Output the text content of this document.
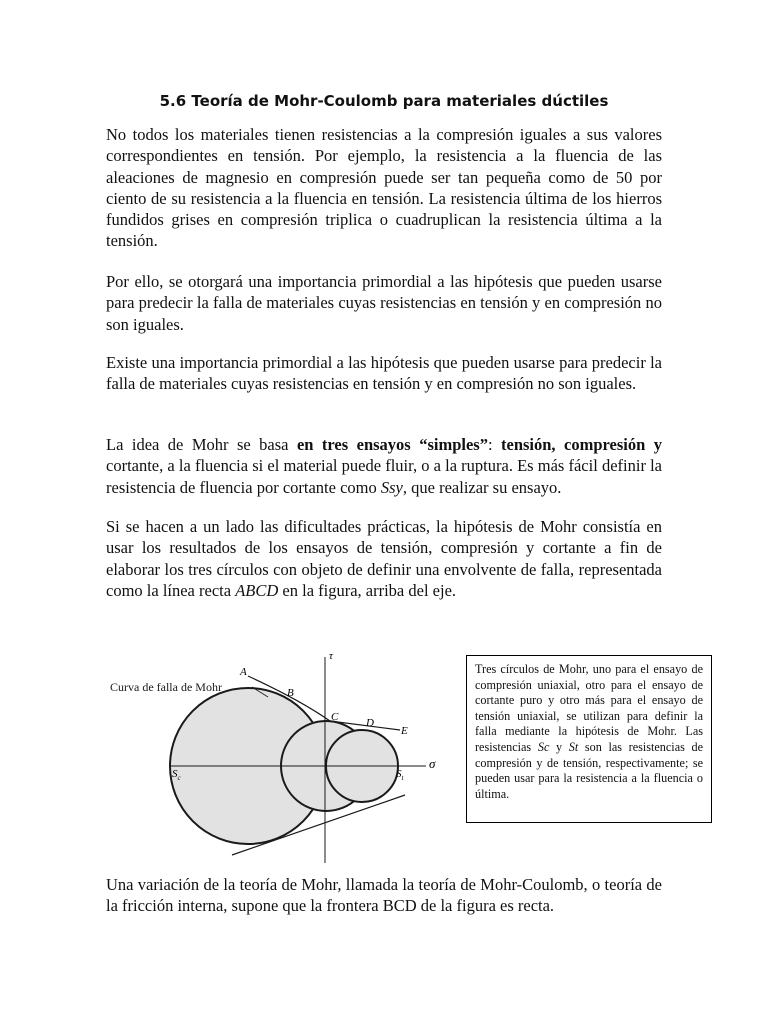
5.6 Teoría de Mohr-Coulomb para materiales dúctiles

No todos los materiales tienen resistencias a la compresión iguales a sus valores correspondientes en tensión. Por ejemplo, la resistencia a la fluencia de las aleaciones de magnesio en compresión puede ser tan pequeña como de 50 por ciento de su resistencia a la fluencia en tensión. La resistencia última de los hierros fundidos grises en compresión triplica o cuadruplican la resistencia última a la tensión.

Por ello, se otorgará una importancia primordial a las hipótesis que pueden usarse para predecir la falla de materiales cuyas resistencias en tensión y en compresión no son iguales.

Existe una importancia primordial a las hipótesis que pueden usarse para predecir la falla de materiales cuyas resistencias en tensión y en compresión no son iguales.

La idea de Mohr se basa en tres ensayos “simples”: tensión, compresión y cortante, a la fluencia si el material puede fluir, o a la ruptura. Es más fácil definir la resistencia de fluencia por cortante como Ssy, que realizar su ensayo.

Si se hacen a un lado las dificultades prácticas, la hipótesis de Mohr consistía en usar los resultados de los ensayos de tensión, compresión y cortante a fin de elaborar los tres círculos con objeto de definir una envolvente de falla, representada como la línea recta ABCD en la figura, arriba del eje.

Curva de falla de Mohr
τ
σ
A
B
C	D
E
$S_c$	$S_t$
Tres círculos de Mohr, uno para el ensayo de compresión uniaxial, otro para el ensayo de cortante puro y otro más para el ensayo de tensión uniaxial, se utilizan para definir la falla mediante la hipótesis de Mohr. Las resistencias Sc y St son las resistencias de compresión y de tensión, respectivamente; se pueden usar para la resistencia a la fluencia o última.

Una variación de la teoría de Mohr, llamada la teoría de Mohr-Coulomb, o teoría de la fricción interna, supone que la frontera BCD de la figura es recta.
